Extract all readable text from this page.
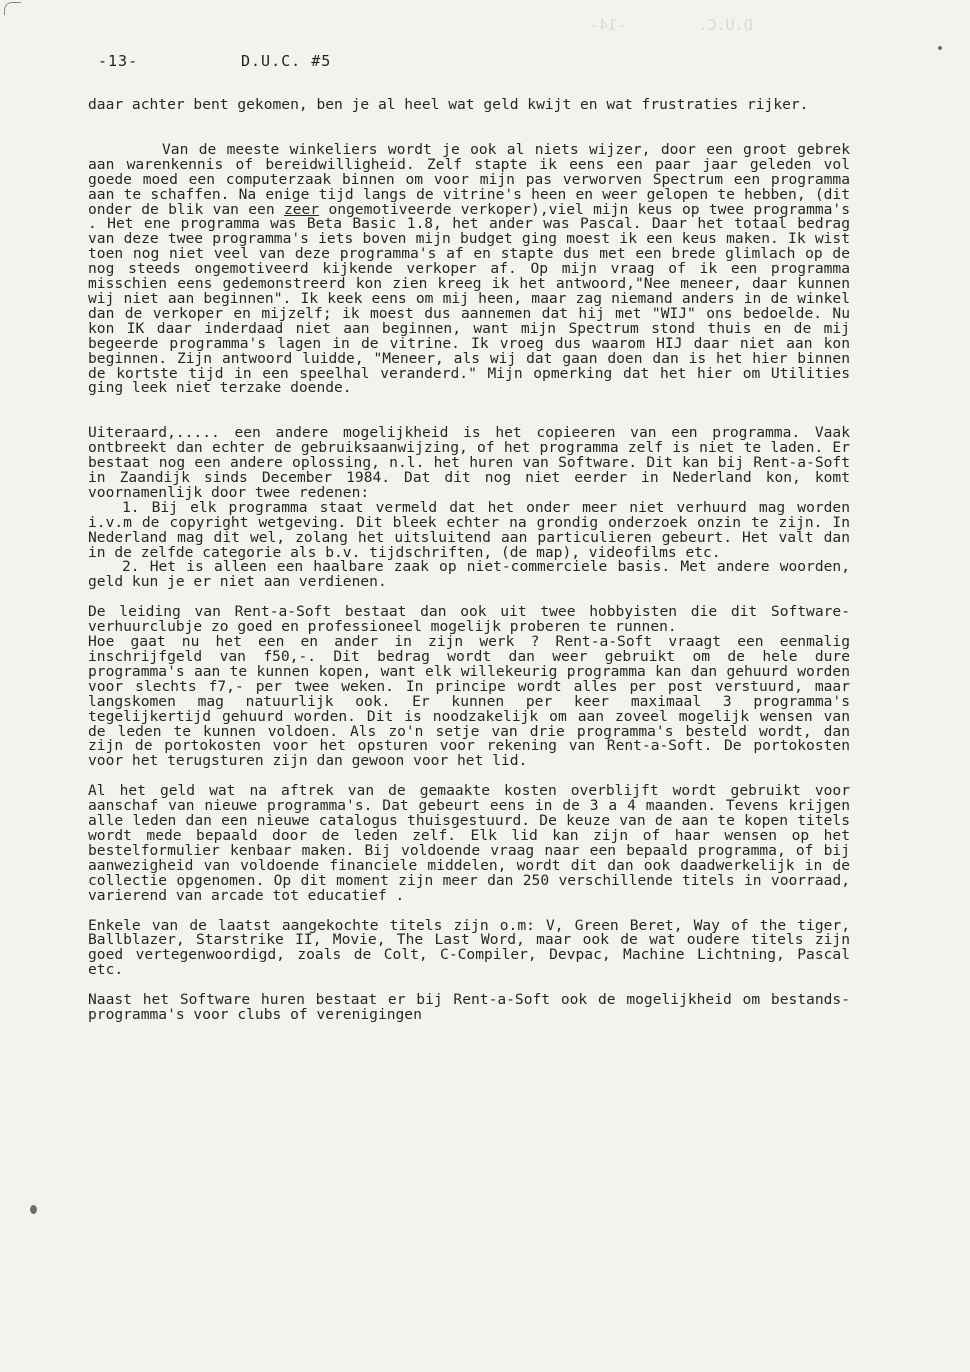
D.U.C.        -14-
-13-	D.U.C. #5

daar achter bent gekomen, ben je al heel wat geld kwijt en wat frustraties rijker.

Van de meeste winkeliers wordt je ook al niets wijzer, door een groot gebrek aan warenkennis of bereidwilligheid. Zelf stapte ik eens een paar jaar geleden vol goede moed een computerzaak binnen om voor mijn pas verworven Spectrum een programma aan te schaffen. Na enige tijd langs de vitrine's heen en weer gelopen te hebben, (dit onder de blik van een zeer ongemotiveerde verkoper),viel mijn keus op twee programma's . Het ene programma was Beta Basic 1.8, het ander was Pascal. Daar het totaal bedrag van deze twee programma's iets boven mijn budget ging moest ik een keus maken. Ik wist toen nog niet veel van deze programma's af en stapte dus met een brede glimlach op de nog steeds ongemotiveerd kijkende verkoper af. Op mijn vraag of ik een programma misschien eens gedemonstreerd kon zien kreeg ik het antwoord,"Nee meneer, daar kunnen wij niet aan beginnen". Ik keek eens om mij heen, maar zag niemand anders in de winkel dan de verkoper en mijzelf; ik moest dus aannemen dat hij met "WIJ" ons bedoelde. Nu kon IK daar inderdaad niet aan beginnen, want mijn Spectrum stond thuis en de mij begeerde programma's lagen in de vitrine. Ik vroeg dus waarom HIJ daar niet aan kon beginnen. Zijn antwoord luidde, "Meneer, als wij dat gaan doen dan is het hier binnen de kortste tijd in een speelhal veranderd." Mijn opmerking dat het hier om Utilities ging leek niet terzake doende.

Uiteraard,..... een andere mogelijkheid is het copieeren van een programma. Vaak ontbreekt dan echter de gebruiksaanwijzing, of het programma zelf is niet te laden. Er bestaat nog een andere oplossing, n.l. het huren van Software. Dit kan bij Rent-a-Soft in Zaandijk sinds December 1984. Dat dit nog niet eerder in Nederland kon, komt voornamenlijk door twee redenen:

1. Bij elk programma staat vermeld dat het onder meer niet verhuurd mag worden i.v.m de copyright wetgeving. Dit bleek echter na grondig onderzoek onzin te zijn. In Nederland mag dit wel, zolang het uitsluitend aan particulieren gebeurt. Het valt dan in de zelfde categorie als b.v. tijdschriften, (de map), videofilms etc.

2. Het is alleen een haalbare zaak op niet-commerciele basis. Met andere woorden, geld kun je er niet aan verdienen.

De leiding van Rent-a-Soft bestaat dan ook uit twee hobbyisten die dit Software-verhuurclubje zo goed en professioneel mogelijk proberen te runnen.

Hoe gaat nu het een en ander in zijn werk ? Rent-a-Soft vraagt een eenmalig inschrijfgeld van f50,-. Dit bedrag wordt dan weer gebruikt om de hele dure programma's aan te kunnen kopen, want elk willekeurig programma kan dan gehuurd worden voor slechts f7,- per twee weken. In principe wordt alles per post verstuurd, maar langskomen mag natuurlijk ook. Er kunnen per keer maximaal 3 programma's tegelijkertijd gehuurd worden. Dit is noodzakelijk om aan zoveel mogelijk wensen van de leden te kunnen voldoen. Als zo'n setje van drie programma's besteld wordt, dan zijn de portokosten voor het opsturen voor rekening van Rent-a-Soft. De portokosten voor het terugsturen zijn dan gewoon voor het lid.

Al het geld wat na aftrek van de gemaakte kosten overblijft wordt gebruikt voor aanschaf van nieuwe programma's. Dat gebeurt eens in de 3 a 4 maanden. Tevens krijgen alle leden dan een nieuwe catalogus thuisgestuurd. De keuze van de aan te kopen titels wordt mede bepaald door de leden zelf. Elk lid kan zijn of haar wensen op het bestelformulier kenbaar maken. Bij voldoende vraag naar een bepaald programma, of bij aanwezigheid van voldoende financiele middelen, wordt dit dan ook daadwerkelijk in de collectie opgenomen. Op dit moment zijn meer dan 250 verschillende titels in voorraad, varierend van arcade tot educatief .

Enkele van de laatst aangekochte titels zijn o.m: V, Green Beret, Way of the tiger, Ballblazer, Starstrike II, Movie, The Last Word, maar ook de wat oudere titels zijn goed vertegenwoordigd, zoals de Colt, C-Compiler, Devpac, Machine Lichtning, Pascal etc.

Naast het Software huren bestaat er bij Rent-a-Soft ook de mogelijkheid om bestands-programma's voor clubs of verenigingen
